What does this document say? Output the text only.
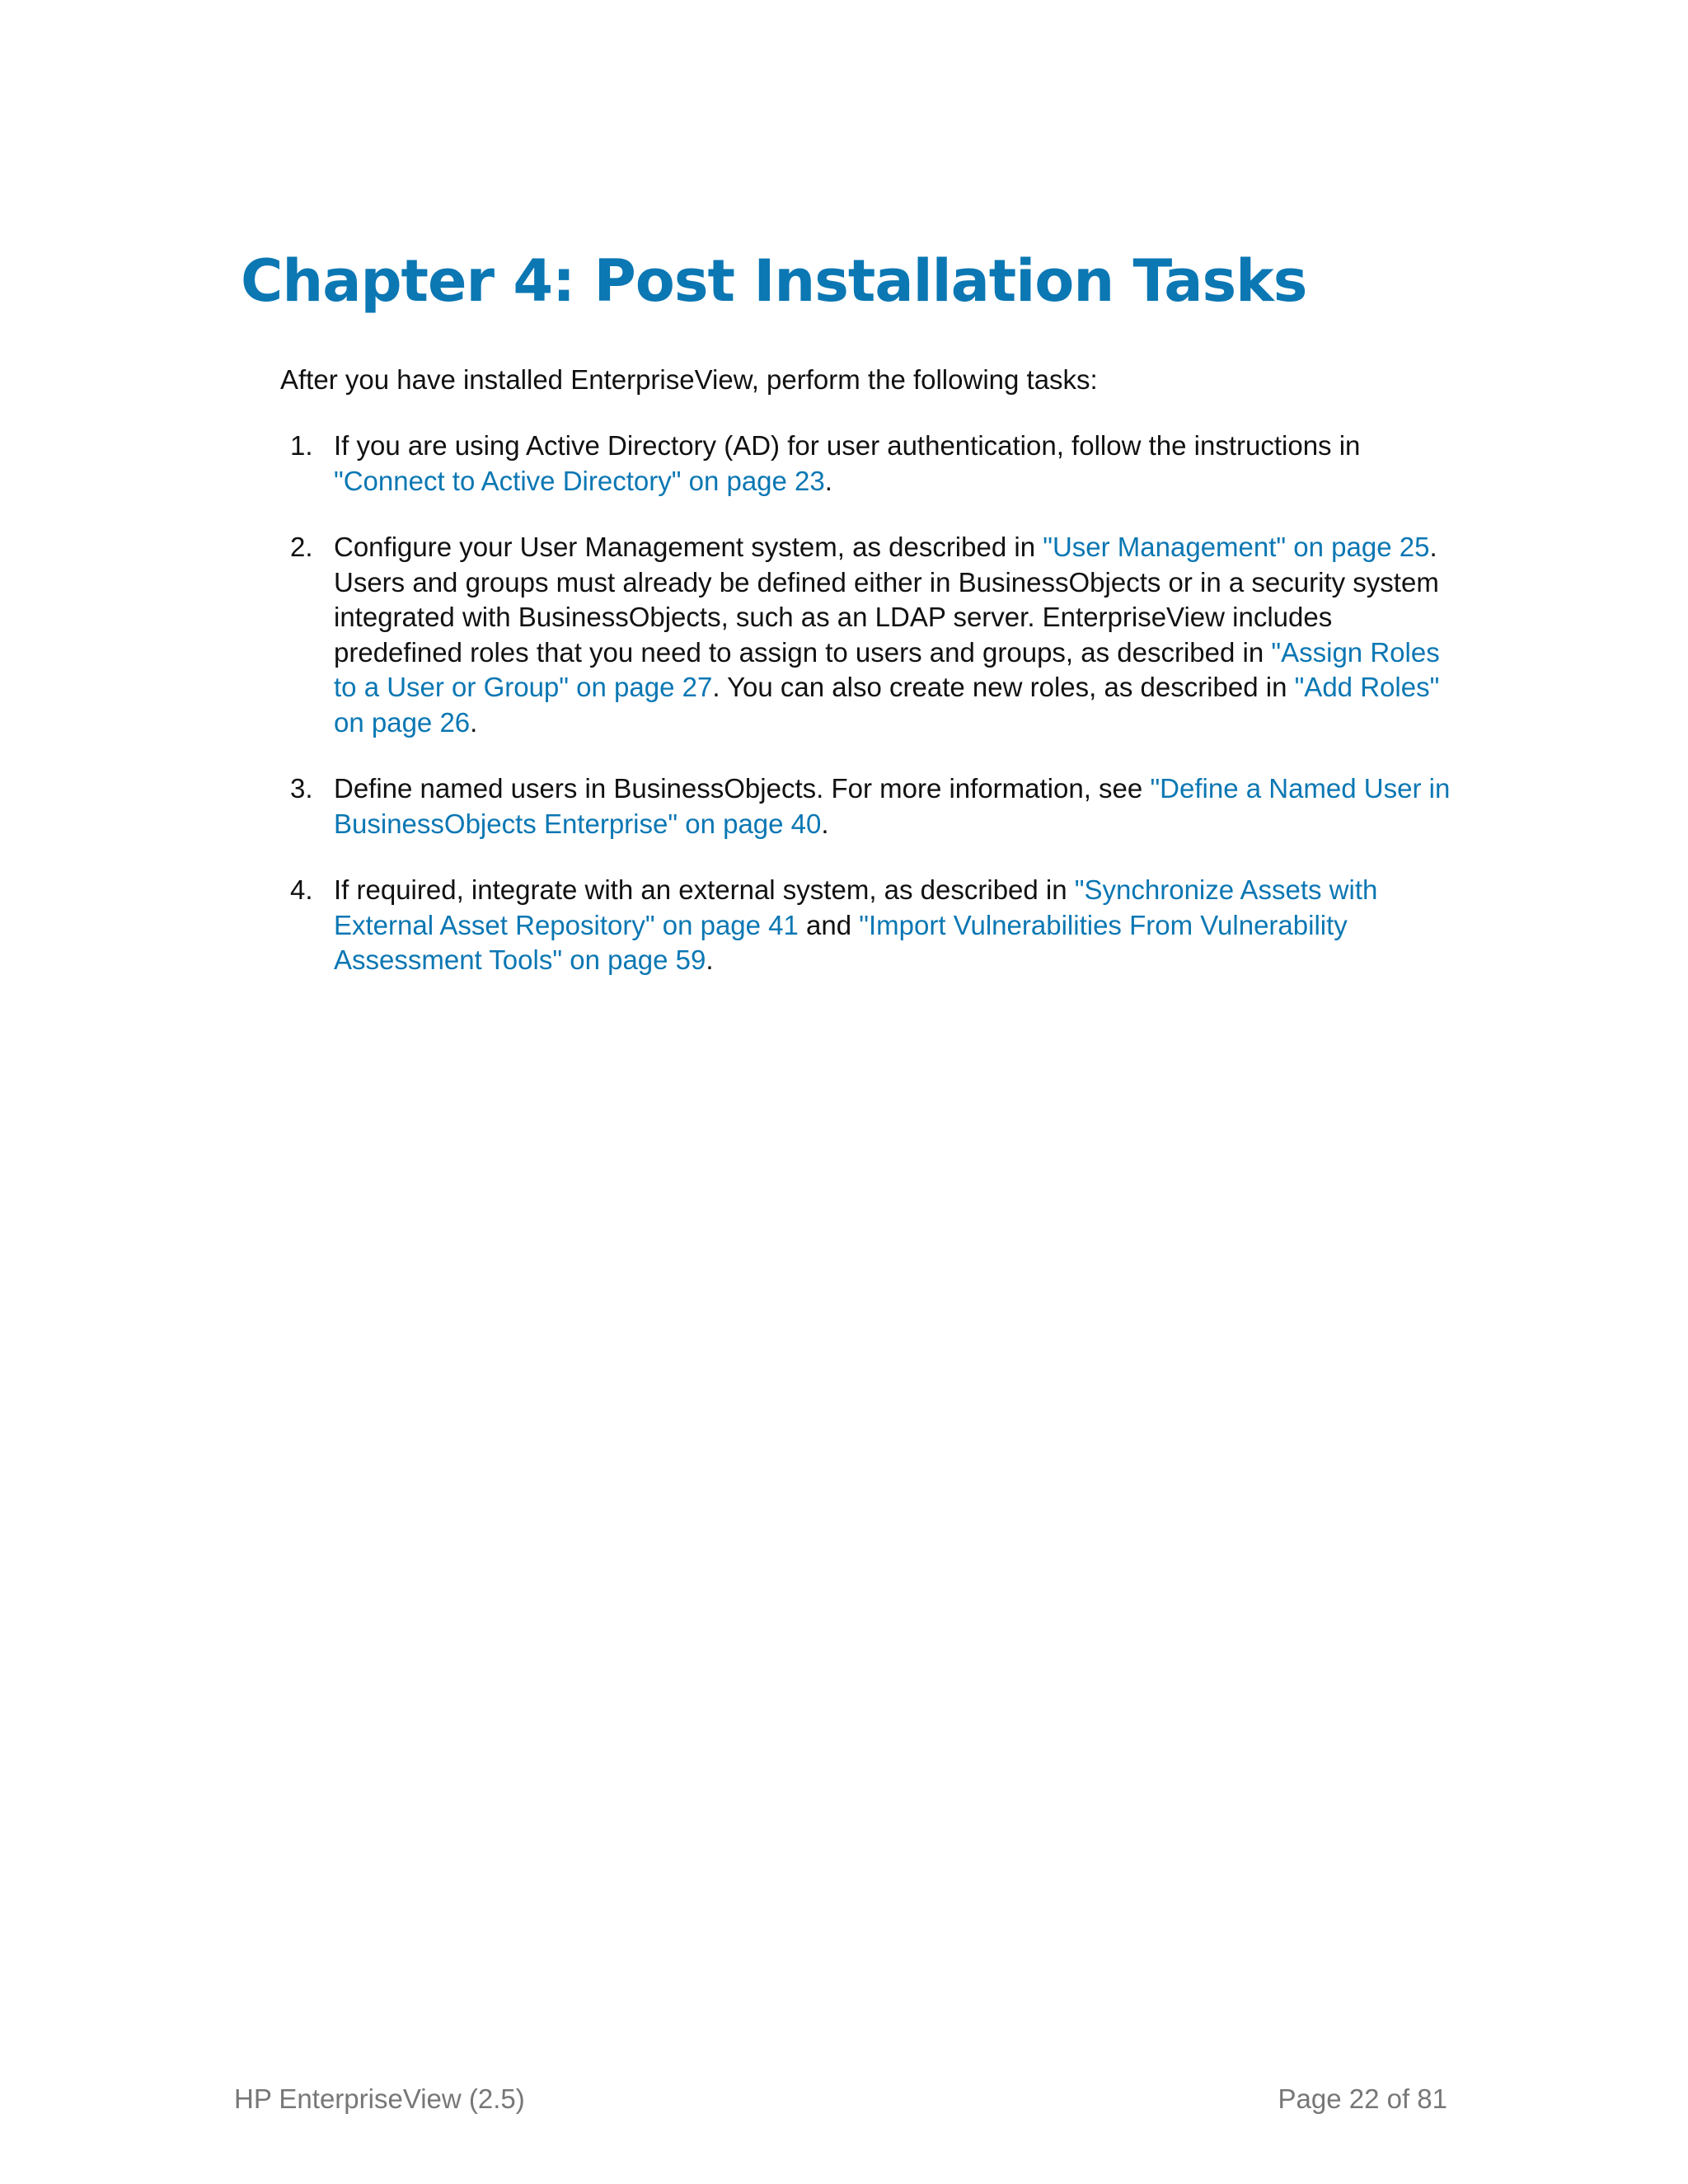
Chapter 4: Post Installation Tasks

After you have installed EnterpriseView, perform the following tasks:

1. If you are using Active Directory (AD) for user authentication, follow the instructions in "Connect to Active Directory" on page 23.
2. Configure your User Management system, as described in "User Management" on page 25. Users and groups must already be defined either in BusinessObjects or in a security system integrated with BusinessObjects, such as an LDAP server. EnterpriseView includes predefined roles that you need to assign to users and groups, as described in "Assign Roles to a User or Group" on page 27. You can also create new roles, as described in "Add Roles" on page 26.
3. Define named users in BusinessObjects. For more information, see "Define a Named User in BusinessObjects Enterprise" on page 40.
4. If required, integrate with an external system, as described in "Synchronize Assets with External Asset Repository" on page 41 and "Import Vulnerabilities From Vulnerability Assessment Tools" on page 59.
HP EnterpriseView (2.5)	Page 22 of 81
